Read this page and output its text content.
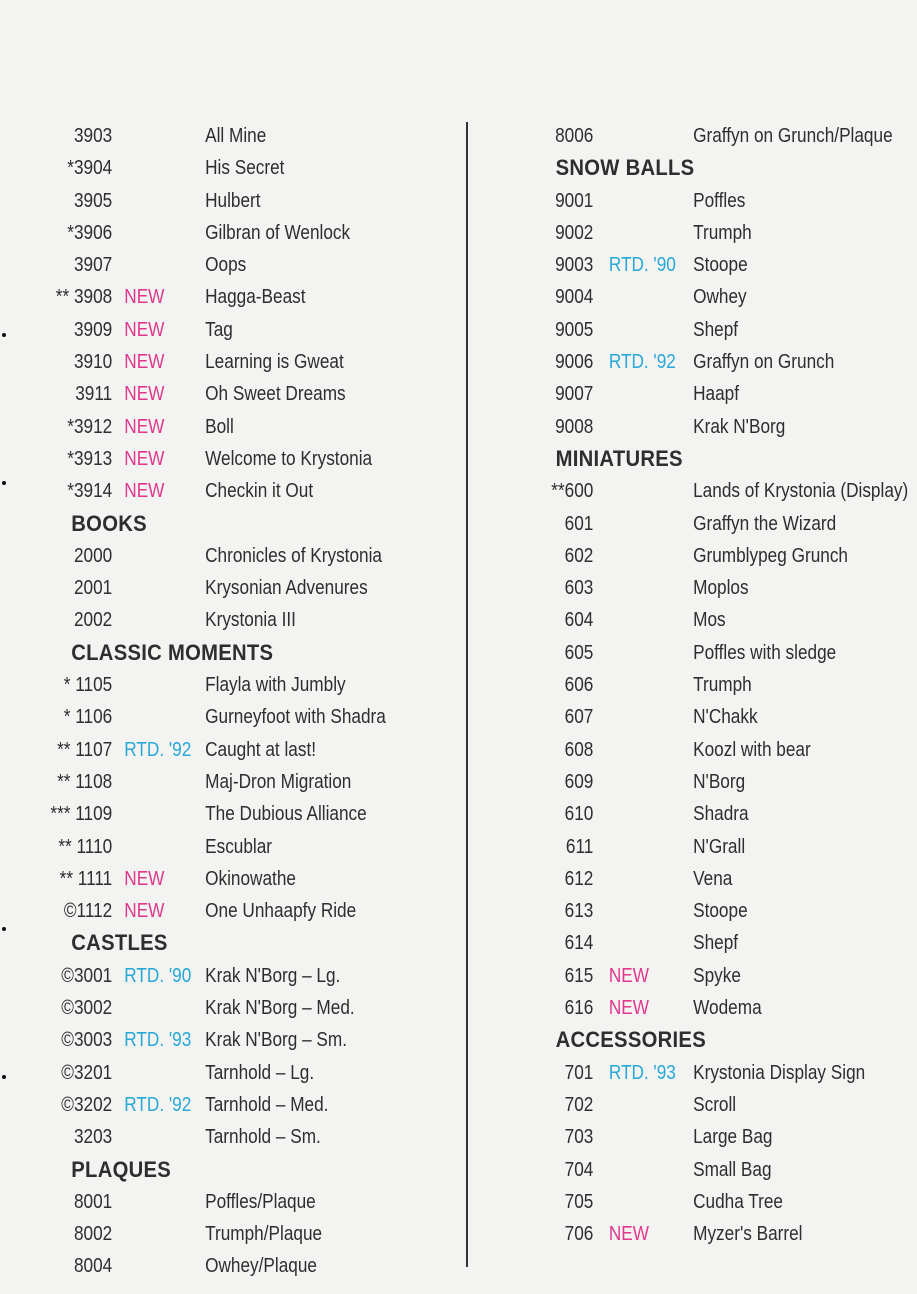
3903	All Mine
*3904	His Secret
3905	Hulbert
*3906	Gilbran of Wenlock
3907	Oops
** 3908 NEW Hagga-Beast
3909 NEW Tag
3910 NEW Learning is Gweat
3911 NEW Oh Sweet Dreams
*3912 NEW Boll
*3913 NEW Welcome to Krystonia
*3914 NEW Checkin it Out
BOOKS
2000	Chronicles of Krystonia
2001	Krysonian Advenures
2002	Krystonia III
CLASSIC MOMENTS
* 1105	Flayla with Jumbly
* 1106	Gurneyfoot with Shadra
** 1107 RTD. '92 Caught at last!
** 1108	Maj-Dron Migration
*** 1109	The Dubious Alliance
** 1110	Escublar
** 1111 NEW Okinowathe
©1112 NEW One Unhaapfy Ride
CASTLES
©3001 RTD. '90 Krak N'Borg – Lg.
©3002	Krak N'Borg – Med.
©3003 RTD. '93 Krak N'Borg – Sm.
©3201	Tarnhold – Lg.
©3202 RTD. '92 Tarnhold – Med.
3203	Tarnhold – Sm.
PLAQUES
8001	Poffles/Plaque
8002	Trumph/Plaque
8004	Owhey/Plaque
8006	Graffyn on Grunch/Plaque
SNOW BALLS
9001	Poffles
9002	Trumph
9003 RTD. '90 Stoope
9004	Owhey
9005	Shepf
9006 RTD. '92 Graffyn on Grunch
9007	Haapf
9008	Krak N'Borg
MINIATURES
**600	Lands of Krystonia (Display)
601	Graffyn the Wizard
602	Grumblypeg Grunch
603	Moplos
604	Mos
605	Poffles with sledge
606	Trumph
607	N'Chakk
608	Koozl with bear
609	N'Borg
610	Shadra
611	N'Grall
612	Vena
613	Stoope
614	Shepf
615 NEW Spyke
616 NEW Wodema
ACCESSORIES
701 RTD. '93 Krystonia Display Sign
702	Scroll
703	Large Bag
704	Small Bag
705	Cudha Tree
706 NEW Myzer's Barrel
